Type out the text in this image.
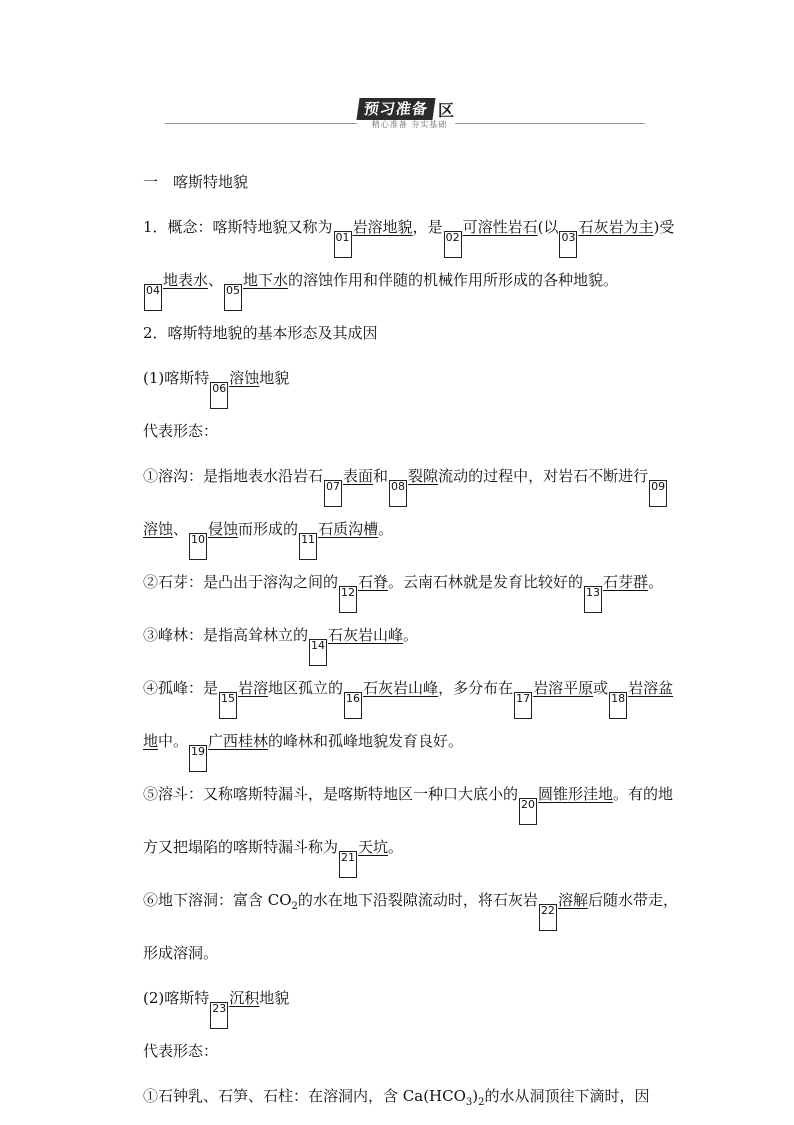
预习准备 区
精心准备 夯实基础

一　喀斯特地貌

1．概念：喀斯特地貌又称为01岩溶地貌，是02可溶性岩石(以03石灰岩为主)受04地表水、05地下水的溶蚀作用和伴随的机械作用所形成的各种地貌。

2．喀斯特地貌的基本形态及其成因

(1)喀斯特06溶蚀地貌

代表形态：

①溶沟：是指地表水沿岩石07表面和08裂隙流动的过程中，对岩石不断进行09溶蚀、10侵蚀而形成的11石质沟槽。

②石芽：是凸出于溶沟之间的12石脊。云南石林就是发育比较好的13石芽群。

③峰林：是指高耸林立的14石灰岩山峰。

④孤峰：是15岩溶地区孤立的16石灰岩山峰，多分布在17岩溶平原或18岩溶盆地中。19广西桂林的峰林和孤峰地貌发育良好。

⑤溶斗：又称喀斯特漏斗，是喀斯特地区一种口大底小的20圆锥形洼地。有的地方又把塌陷的喀斯特漏斗称为21天坑。

⑥地下溶洞：富含 $CO_2$的水在地下沿裂隙流动时，将石灰岩22溶解后随水带走，形成溶洞。

(2)喀斯特23沉积地貌

代表形态：

①石钟乳、石笋、石柱：在溶洞内，含 $Ca(HCO_3)_2$的水从洞顶往下滴时，因
